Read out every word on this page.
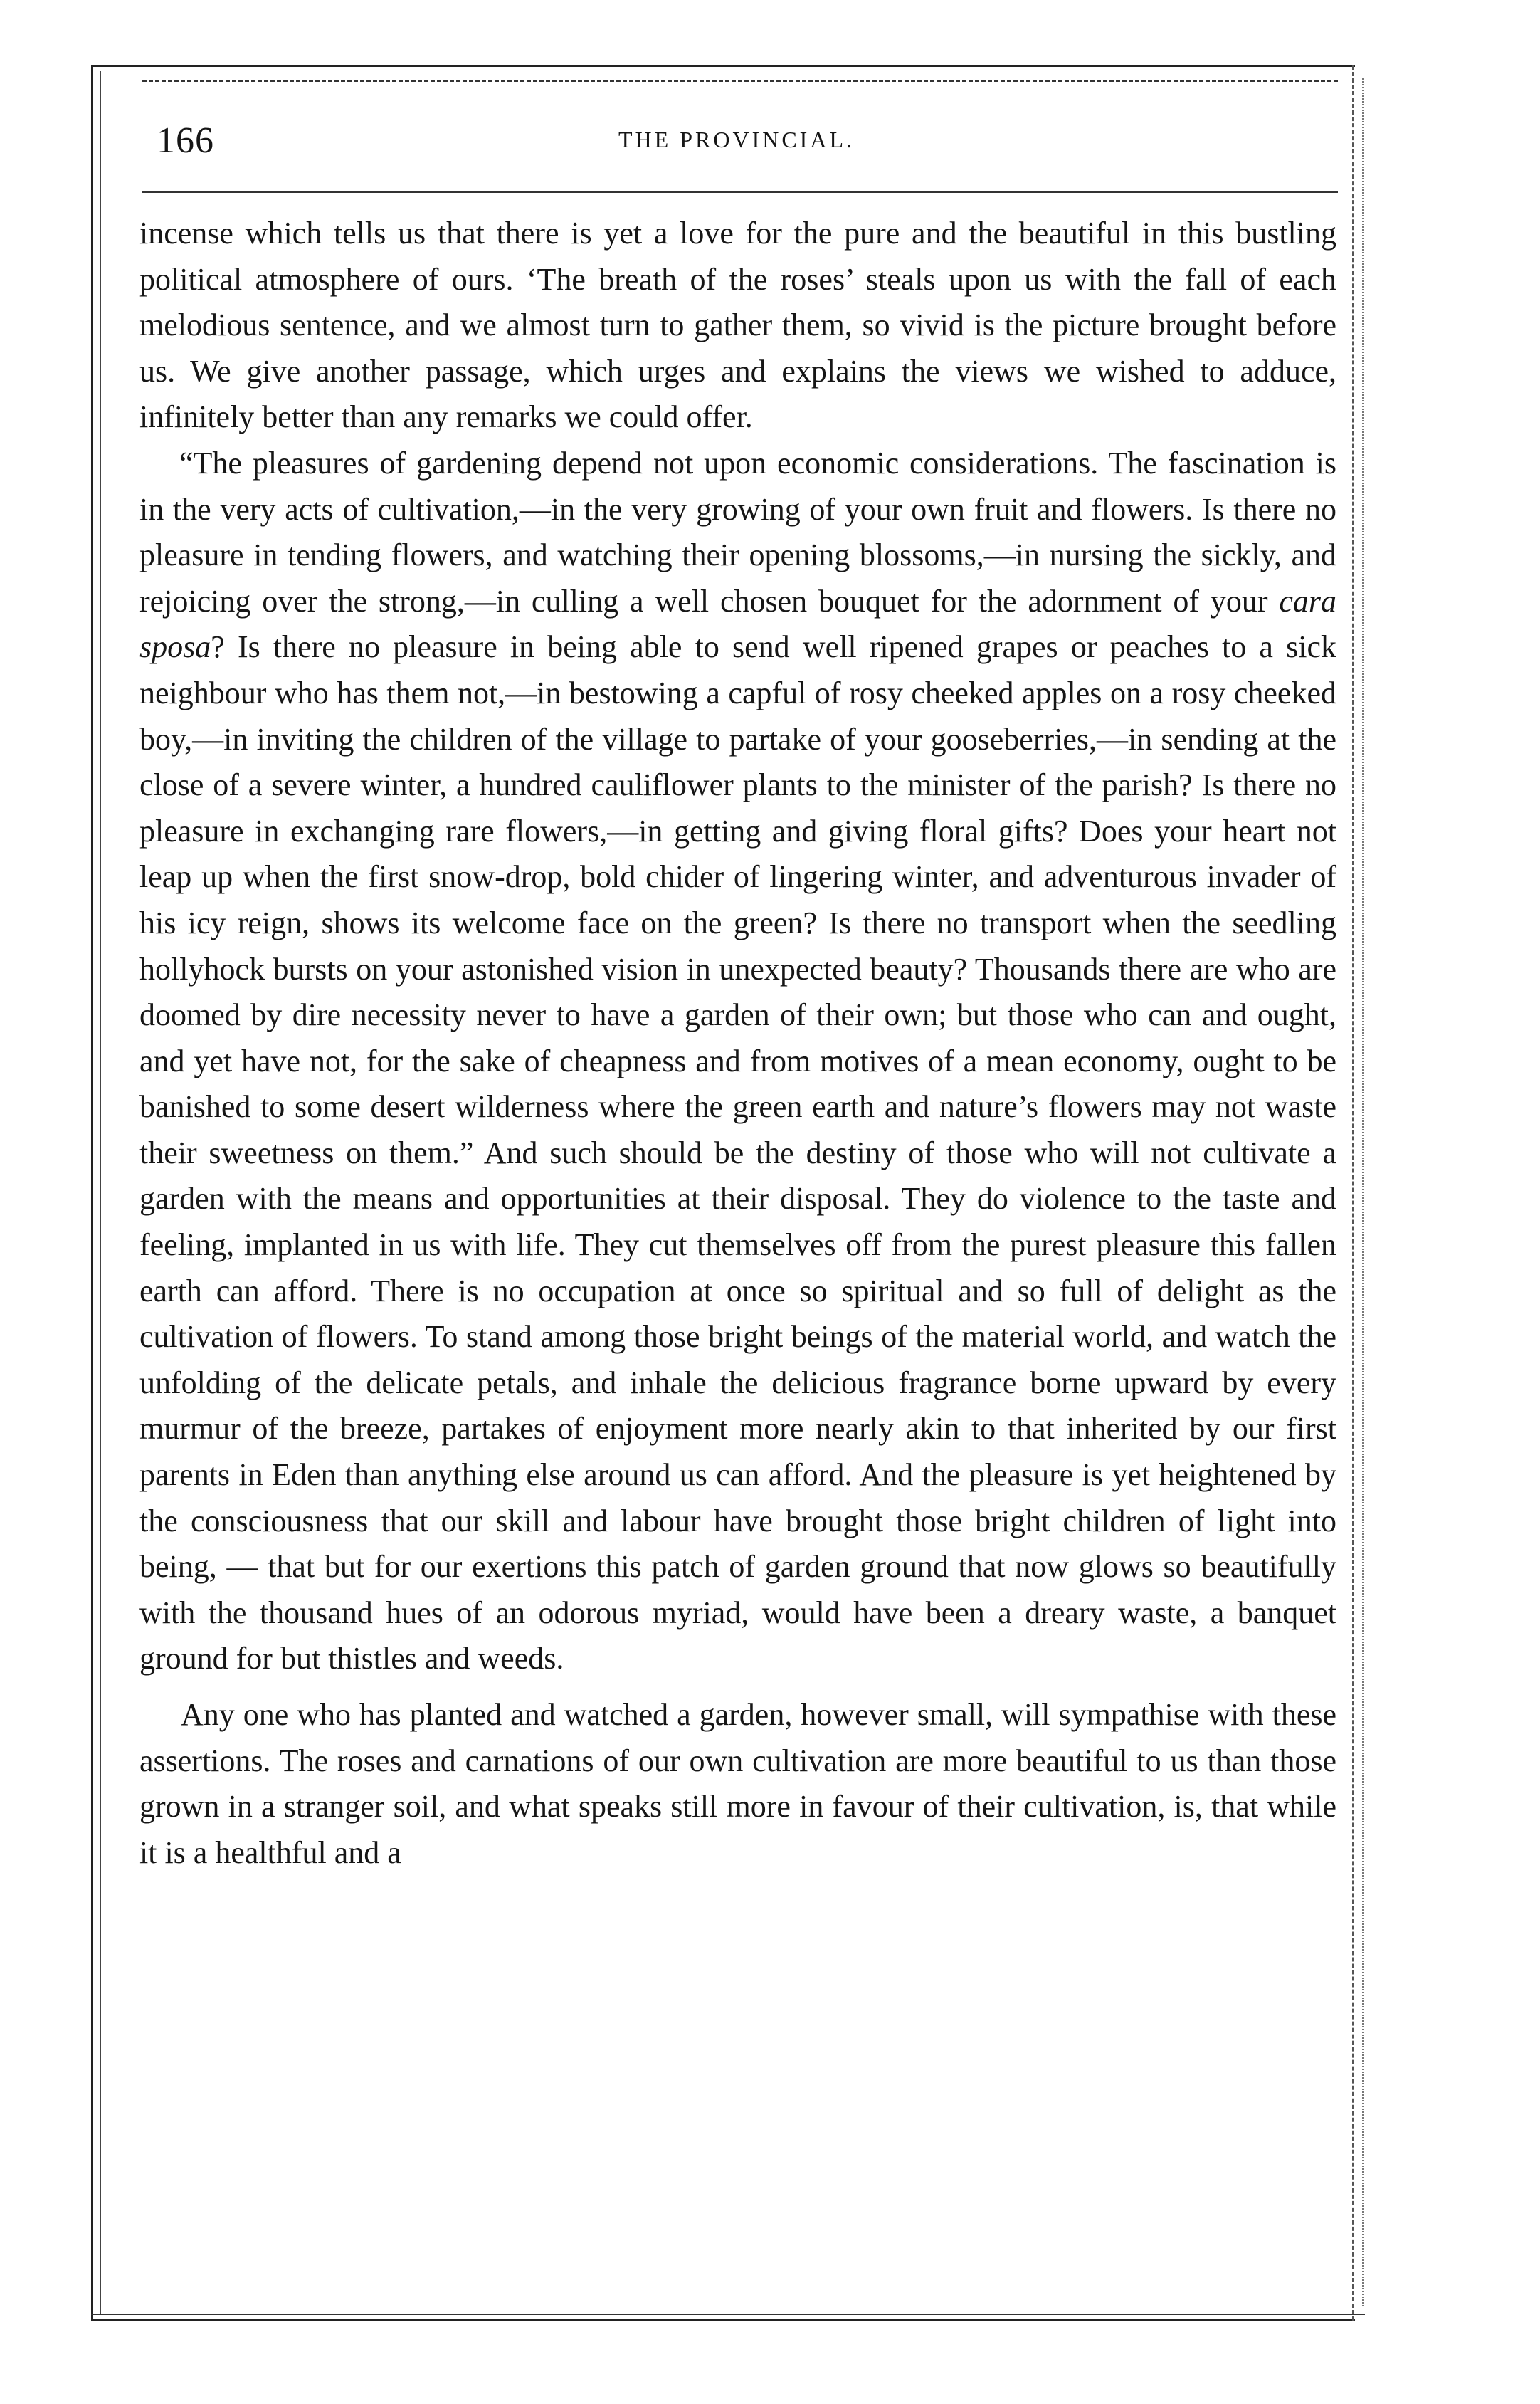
166	THE PROVINCIAL.

incense which tells us that there is yet a love for the pure and the beautiful in this bustling political atmosphere of ours. ‘The breath of the roses’ steals upon us with the fall of each melodious sentence, and we almost turn to gather them, so vivid is the picture brought before us. We give another passage, which urges and explains the views we wished to adduce, infinitely better than any remarks we could offer.

“The pleasures of gardening depend not upon economic considerations. The fascination is in the very acts of cultivation,—in the very growing of your own fruit and flowers. Is there no pleasure in tending flowers, and watching their opening blossoms,—in nursing the sickly, and rejoicing over the strong,—in culling a well chosen bouquet for the adornment of your cara sposa? Is there no pleasure in being able to send well ripened grapes or peaches to a sick neighbour who has them not,—in bestowing a capful of rosy cheeked apples on a rosy cheeked boy,—in inviting the children of the village to partake of your gooseberries,—in sending at the close of a severe winter, a hundred cauliflower plants to the minister of the parish? Is there no pleasure in exchanging rare flowers,—in getting and giving floral gifts? Does your heart not leap up when the first snow-drop, bold chider of lingering winter, and adventurous invader of his icy reign, shows its welcome face on the green? Is there no transport when the seedling hollyhock bursts on your astonished vision in unexpected beauty? Thousands there are who are doomed by dire necessity never to have a garden of their own; but those who can and ought, and yet have not, for the sake of cheapness and from motives of a mean economy, ought to be banished to some desert wilderness where the green earth and nature’s flowers may not waste their sweetness on them.” And such should be the destiny of those who will not cultivate a garden with the means and opportunities at their disposal. They do violence to the taste and feeling, implanted in us with life. They cut themselves off from the purest pleasure this fallen earth can afford. There is no occupation at once so spiritual and so full of delight as the cultivation of flowers. To stand among those bright beings of the material world, and watch the unfolding of the delicate petals, and inhale the delicious fragrance borne upward by every murmur of the breeze, partakes of enjoyment more nearly akin to that inherited by our first parents in Eden than anything else around us can afford. And the pleasure is yet heightened by the consciousness that our skill and labour have brought those bright children of light into being, — that but for our exertions this patch of garden ground that now glows so beautifully with the thousand hues of an odorous myriad, would have been a dreary waste, a banquet ground for but thistles and weeds.

Any one who has planted and watched a garden, however small, will sympathise with these assertions. The roses and carnations of our own cultivation are more beautiful to us than those grown in a stranger soil, and what speaks still more in favour of their cultivation, is, that while it is a healthful and a
